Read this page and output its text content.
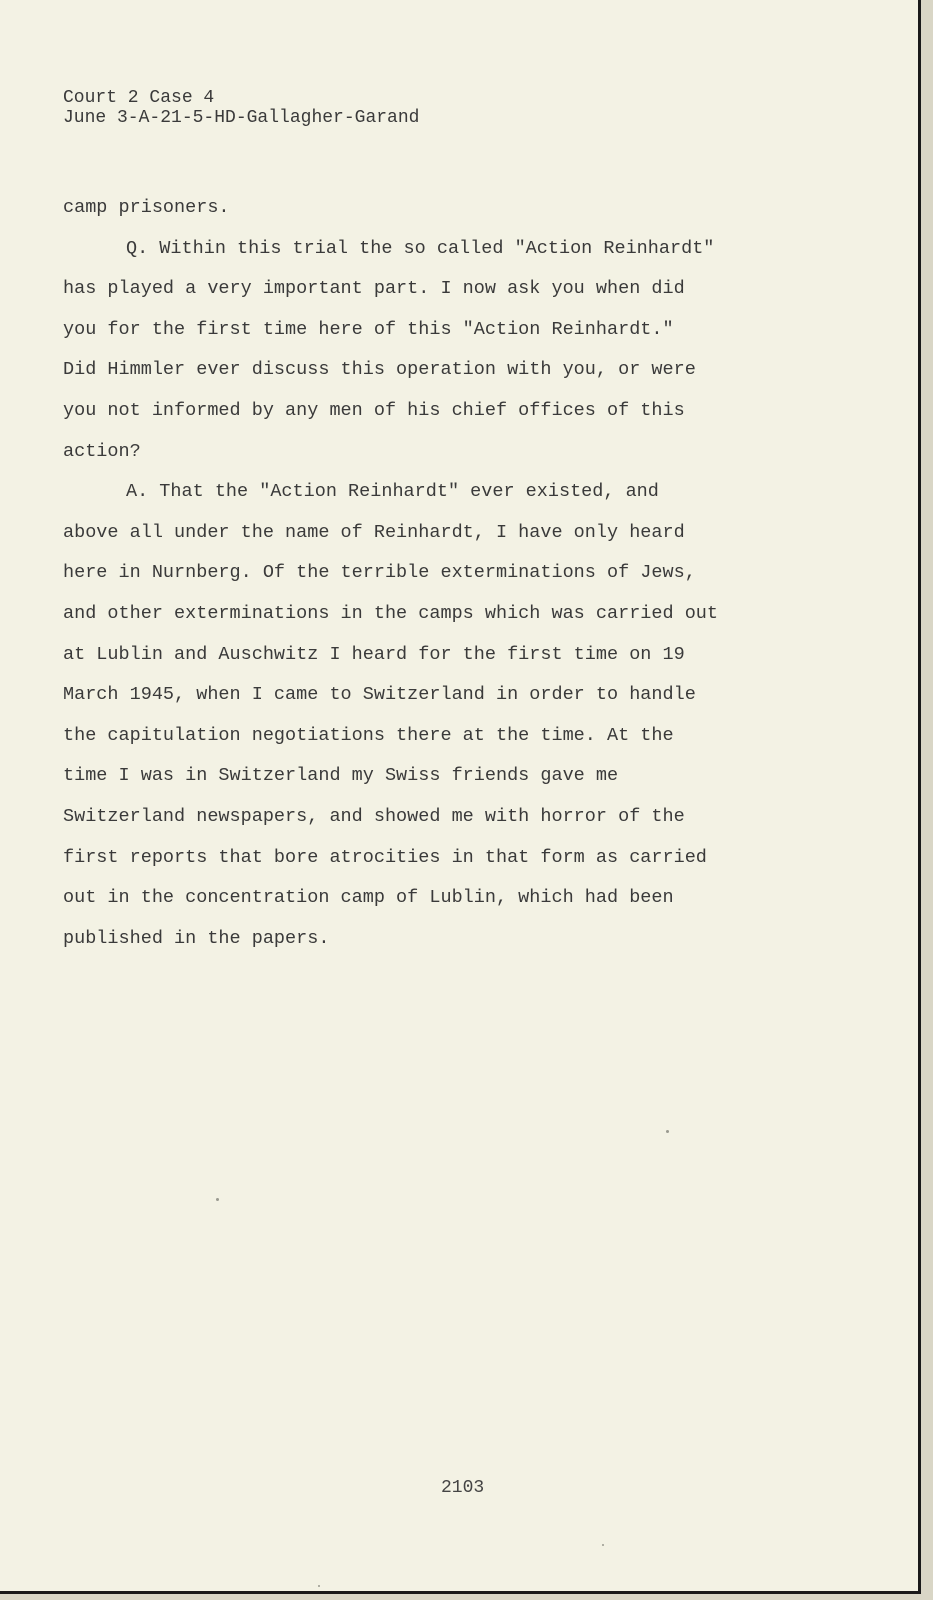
Court 2 Case 4
June 3-A-21-5-HD-Gallagher-Garand
camp prisoners.
Q. Within this trial the so called "Action Reinhardt"
has played a very important part. I now ask you when did
you for the first time here of this "Action Reinhardt."
Did Himmler ever discuss this operation with you, or were
you not informed by any men of his chief offices of this
action?
A. That the "Action Reinhardt" ever existed, and
above all under the name of Reinhardt, I have only heard
here in Nurnberg. Of the terrible exterminations of Jews,
and other exterminations in the camps which was carried out
at Lublin and Auschwitz I heard for the first time on 19
March 1945, when I came to Switzerland in order to handle
the capitulation negotiations there at the time. At the
time I was in Switzerland my Swiss friends gave me
Switzerland newspapers, and showed me with horror of the
first reports that bore atrocities in that form as carried
out in the concentration camp of Lublin, which had been
published in the papers.
2103
